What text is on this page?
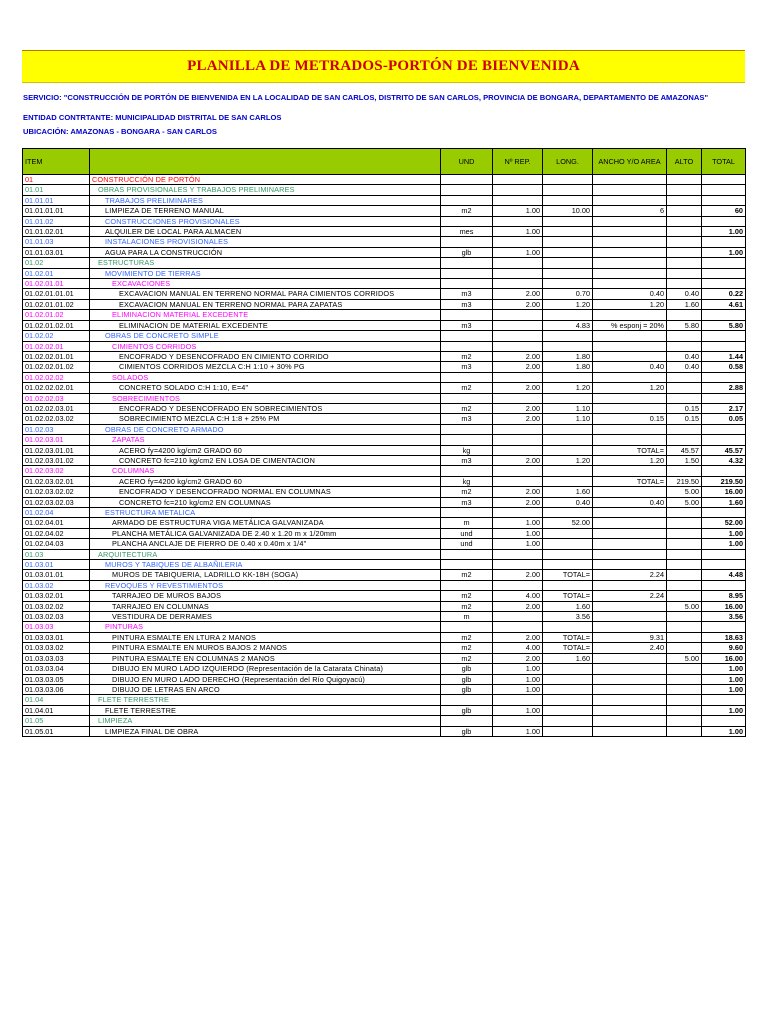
PLANILLA DE METRADOS-PORTÓN DE BIENVENIDA
SERVICIO: "CONSTRUCCIÓN DE PORTÓN DE BIENVENIDA EN LA LOCALIDAD DE SAN CARLOS, DISTRITO DE SAN CARLOS, PROVINCIA DE BONGARA, DEPARTAMENTO DE AMAZONAS"
ENTIDAD CONTRTANTE: MUNICIPALIDAD DISTRITAL DE SAN CARLOS
UBICACIÓN: AMAZONAS - BONGARA - SAN CARLOS
ITEM		UND	Nº REP.	LONG.	ANCHO Y/O AREA	ALTO	TOTAL
01	CONSTRUCCIÓN DE PORTÓN						
01.01	OBRAS PROVISIONALES Y TRABAJOS PRELIMINARES						
01.01.01	TRABAJOS PRELIMINARES						
01.01.01.01	LIMPIEZA DE TERRENO MANUAL	m2	1.00	10.00	6		60
01.01.02	CONSTRUCCIONES PROVISIONALES						
01.01.02.01	ALQUILER DE LOCAL PARA ALMACEN	mes	1.00				1.00
01.01.03	INSTALACIONES PROVISIONALES						
01.01.03.01	AGUA PARA LA CONSTRUCCIÓN	glb	1.00				1.00
01.02	ESTRUCTURAS						
01.02.01	MOVIMIENTO DE TIERRAS						
01.02.01.01	EXCAVACIONES						
01.02.01.01.01	EXCAVACION MANUAL EN TERRENO NORMAL PARA CIMIENTOS CORRIDOS	m3	2.00	0.70	0.40	0.40	0.22
01.02.01.01.02	EXCAVACION MANUAL EN TERRENO NORMAL PARA ZAPATAS	m3	2.00	1.20	1.20	1.60	4.61
01.02.01.02	ELIMINACION MATERIAL EXCEDENTE						
01.02.01.02.01	ELIMINACION DE MATERIAL EXCEDENTE	m3		4.83	% esponj = 20%	5.80	5.80
01.02.02	OBRAS DE CONCRETO SIMPLE						
01.02.02.01	CIMIENTOS CORRIDOS						
01.02.02.01.01	ENCOFRADO Y DESENCOFRADO EN CIMIENTO CORRIDO	m2	2.00	1.80		0.40	1.44
01.02.02.01.02	CIMIENTOS CORRIDOS MEZCLA C:H 1:10 + 30% PG	m3	2.00	1.80	0.40	0.40	0.58
01.02.02.02	SOLADOS						
01.02.02.02.01	CONCRETO SOLADO C:H 1:10, E=4"	m2	2.00	1.20	1.20		2.88
01.02.02.03	SOBRECIMIENTOS						
01.02.02.03.01	ENCOFRADO Y DESENCOFRADO EN SOBRECIMIENTOS	m2	2.00	1.10		0.15	2.17
01.02.02.03.02	SOBRECIMIENTO MEZCLA C:H 1:8 + 25% PM	m3	2.00	1.10	0.15	0.15	0.05
01.02.03	OBRAS DE CONCRETO ARMADO						
01.02.03.01	ZAPATAS						
01.02.03.01.01	ACERO fy=4200 kg/cm2 GRADO 60	kg			TOTAL=	45.57	45.57
01.02.03.01.02	CONCRETO fc=210 kg/cm2 EN LOSA DE CIMENTACION	m3	2.00	1.20	1.20	1.50	4.32
01.02.03.02	COLUMNAS						
01.02.03.02.01	ACERO fy=4200 kg/cm2 GRADO 60	kg			TOTAL=	219.50	219.50
01.02.03.02.02	ENCOFRADO Y DESENCOFRADO NORMAL EN COLUMNAS	m2	2.00	1.60		5.00	16.00
01.02.03.02.03	CONCRETO fc=210 kg/cm2 EN COLUMNAS	m3	2.00	0.40	0.40	5.00	1.60
01.02.04	ESTRUCTURA METALICA						
01.02.04.01	ARMADO DE ESTRUCTURA VIGA METÁLICA GALVANIZADA	m	1.00	52.00			52.00
01.02.04.02	PLANCHA METÁLICA GALVANIZADA DE 2.40 x 1.20 m x 1/20mm	und	1.00				1.00
01.02.04.03	PLANCHA ANCLAJE DE FIERRO DE 0.40 x 0.40m x 1/4"	und	1.00				1.00
01.03	ARQUITECTURA						
01.03.01	MUROS Y TABIQUES DE ALBAÑILERIA						
01.03.01.01	MUROS DE TABIQUERIA, LADRILLO KK-18H (SOGA)	m2	2.00	TOTAL=	2.24		4.48
01.03.02	REVOQUES Y REVESTIMIENTOS						
01.03.02.01	TARRAJEO DE MUROS BAJOS	m2	4.00	TOTAL=	2.24		8.95
01.03.02.02	TARRAJEO EN COLUMNAS	m2	2.00	1.60		5.00	16.00
01.03.02.03	VESTIDURA DE DERRAMES	m		3.56			3.56
01.03.03	PINTURAS						
01.03.03.01	PINTURA ESMALTE EN LTURA 2 MANOS	m2	2.00	TOTAL=	9.31		18.63
01.03.03.02	PINTURA ESMALTE EN MUROS BAJOS 2 MANOS	m2	4.00	TOTAL=	2.40		9.60
01.03.03.03	PINTURA ESMALTE EN COLUMNAS 2 MANOS	m2	2.00	1.60		5.00	16.00
01.03.03.04	DIBUJO EN MURO LADO IZQUIERDO (Representación de la Catarata Chinata)	glb	1.00				1.00
01.03.03.05	DIBUJO EN MURO LADO DERECHO (Representación del Río Quigoyacú)	glb	1.00				1.00
01.03.03.06	DIBUJO DE LETRAS EN ARCO	glb	1.00				1.00
01.04	FLETE TERRESTRE						
01.04.01	FLETE TERRESTRE	glb	1.00				1.00
01.05	LIMPIEZA						
01.05.01	LIMPIEZA FINAL DE OBRA	glb	1.00				1.00
